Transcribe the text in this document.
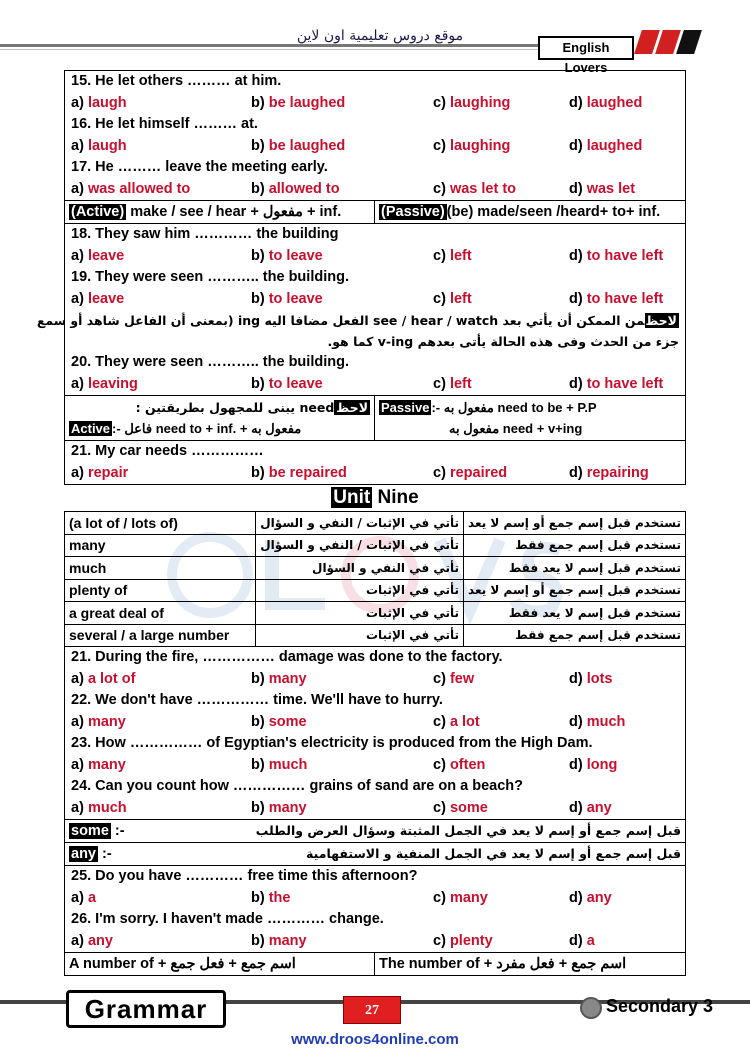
موقع دروس تعليمية اون لاين
English Lovers
15. He let others ……… at him.
a) laugh	b) be laughed	c) laughing	d) laughed
16. He let himself ……… at.
a) laugh	b) be laughed	c) laughing	d) laughed
17. He ……… leave the meeting early.
a) was allowed to	b) allowed to	c) was let to	d) was let
(Active) make / see / hear + مفعول + inf.	(Passive) (be) made/seen /heard+ to+ inf.
18. They saw him ………… the building
a) leave	b) to leave	c) left	d) to have left
19. They were seen ……….. the building.
a) leave	b) to leave	c) left	d) to have left
لاحظمن الممكن أن يأتي بعد see / hear / watch الفعل مضافا اليه ing (بمعنى أن الفاعل شاهد أو سمع
جزء من الحدث وفى هذه الحالة يأتى بعدهم v-ing كما هو.
20. They were seen ……….. the building.
a) leaving	b) to leave	c) left	d) to have left
لاحظneed يبنى للمجهول بطريقتين :
Active :- فاعل need to + inf. + مفعول به
Passive :- مفعول به need to be + P.P
مفعول به need + v+ing
21. My car needs ……………
a) repair	b) be repaired	c) repaired	d) repairing
Unit Nine
(a lot of / lots of)	تأتي في الإثبات / النفي و السؤال	تستخدم قبل إسم جمع أو إسم لا يعد
many	تأتي في الإثبات / النفي و السؤال	تستخدم قبل إسم جمع فقط
much	تأتي في النفي و السؤال	تستخدم قبل إسم لا يعد فقط
plenty of	تأتي في الإثبات	تستخدم قبل إسم جمع أو إسم لا يعد
a great deal of	تأتي في الإثبات	تستخدم قبل إسم لا يعد فقط
several / a large number	تأتي في الإثبات	تستخدم قبل إسم جمع فقط
21. During the fire, …………… damage was done to the factory.
a) a lot of	b) many	c) few	d) lots
22. We don't have …………… time. We'll have to hurry.
a) many	b) some	c) a lot	d) much
23. How …………… of Egyptian's electricity is produced from the High Dam.
a) many	b) much	c) often	d) long
24. Can you count how …………… grains of sand are on a beach?
a) much	b) many	c) some	d) any
some :-	قبل إسم جمع أو إسم لا يعد في الجمل المثبتة وسؤال العرض والطلب
any :-	قبل إسم جمع أو إسم لا يعد في الجمل المنفية و الاستفهامية
25. Do you have ………… free time this afternoon?
a) a	b) the	c) many	d) any
26. I'm sorry. I haven't made ………… change.
a) any	b) many	c) plenty	d) a
A number of + اسم جمع + فعل جمع	The number of + اسم جمع + فعل مفرد
Grammar	27	Secondary 3
www.droos4online.com
